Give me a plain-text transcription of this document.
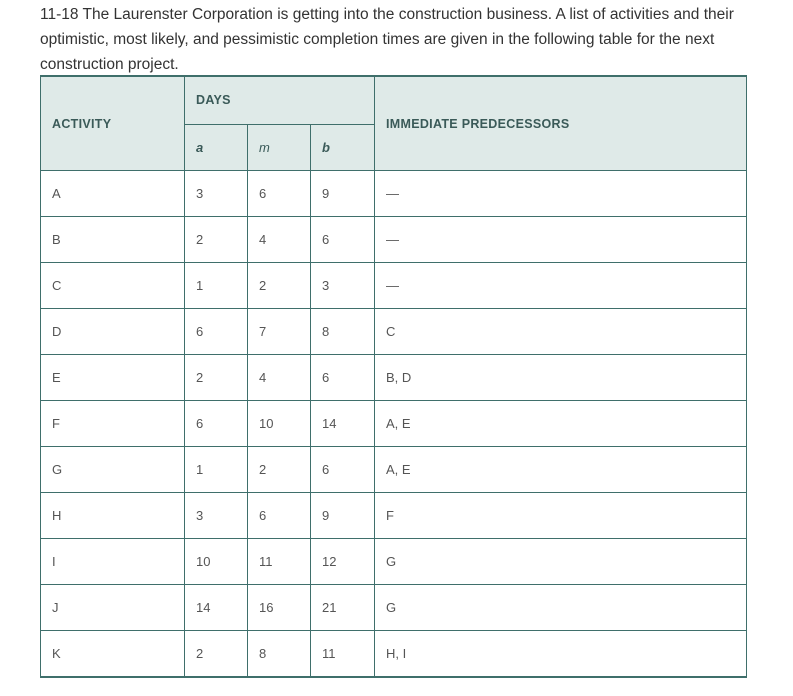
11-18 The Laurenster Corporation is getting into the construction business. A list of activities and their optimistic, most likely, and pessimistic completion times are given in the following table for the next construction project.
ACTIVITY	DAYS			IMMEDIATE PREDECESSORS
	a	m	b	
A	3	6	9	—
B	2	4	6	—
C	1	2	3	—
D	6	7	8	C
E	2	4	6	B, D
F	6	10	14	A, E
G	1	2	6	A, E
H	3	6	9	F
I	10	11	12	G
J	14	16	21	G
K	2	8	11	H, I
